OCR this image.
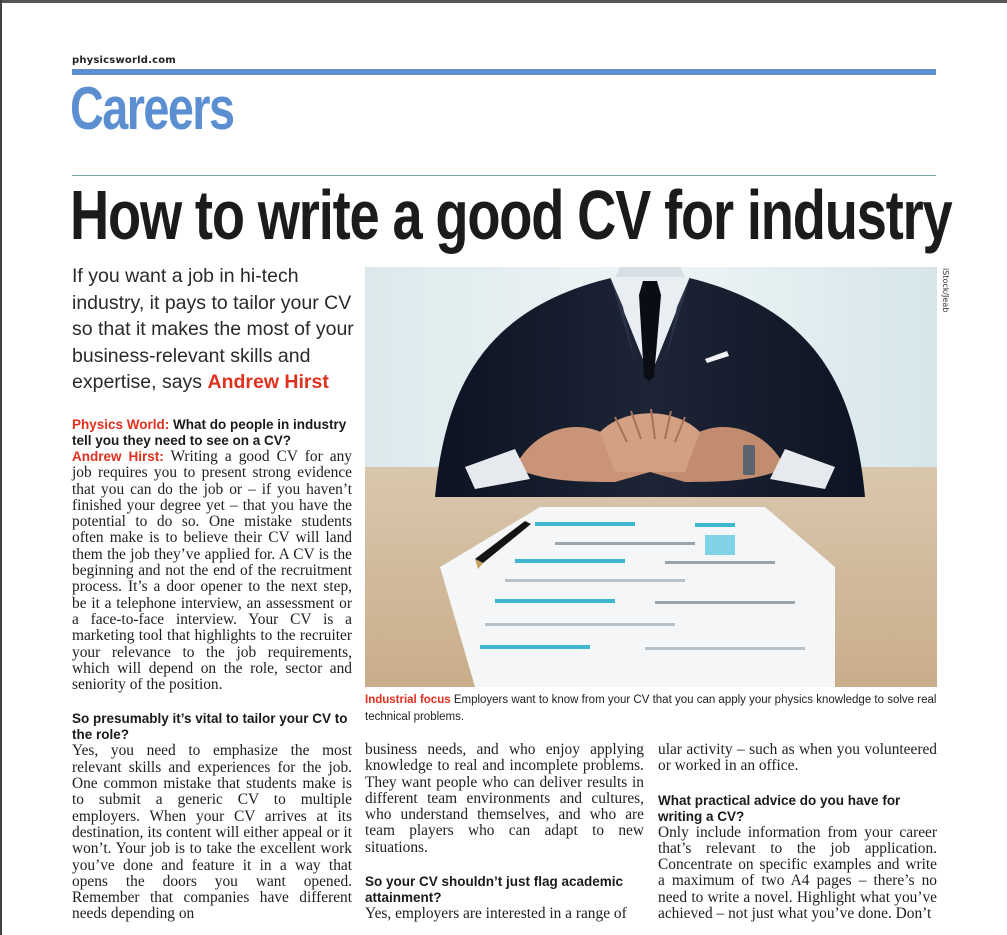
physicsworld.com
Careers
How to write a good CV for industry

If you want a job in hi-tech industry, it pays to tailor your CV so that it makes the most of your business-relevant skills and expertise, says Andrew Hirst

iStock/Jeab

Industrial focus Employers want to know from your CV that you can apply your physics knowledge to solve real technical problems.

Physics World: What do people in industry tell you they need to see on a CV?

Andrew Hirst: Writing a good CV for any job requires you to present strong evidence that you can do the job or – if you haven’t finished your degree yet – that you have the potential to do so. One mistake students often make is to believe their CV will land them the job they’ve applied for. A CV is the beginning and not the end of the recruitment process. It’s a door opener to the next step, be it a telephone interview, an assessment or a face-to-face interview. Your CV is a marketing tool that highlights to the recruiter your relevance to the job requirements, which will depend on the role, sector and seniority of the position.

So presumably it’s vital to tailor your CV to the role?

Yes, you need to emphasize the most relevant skills and experiences for the job. One common mistake that students make is to submit a generic CV to multiple employers. When your CV arrives at its destination, its content will either appeal or it won’t. Your job is to take the excellent work you’ve done and feature it in a way that opens the doors you want opened. Remember that companies have different needs depending on

business needs, and who enjoy applying knowledge to real and incomplete problems. They want people who can deliver results in different team environments and cultures, who understand themselves, and who are team players who can adapt to new situations.

So your CV shouldn’t just flag academic attainment?

Yes, employers are interested in a range of

ular activity – such as when you volunteered or worked in an office.

What practical advice do you have for writing a CV?

Only include information from your career that’s relevant to the job application. Concentrate on specific examples and write a maximum of two A4 pages – there’s no need to write a novel. Highlight what you’ve achieved – not just what you’ve done. Don’t
